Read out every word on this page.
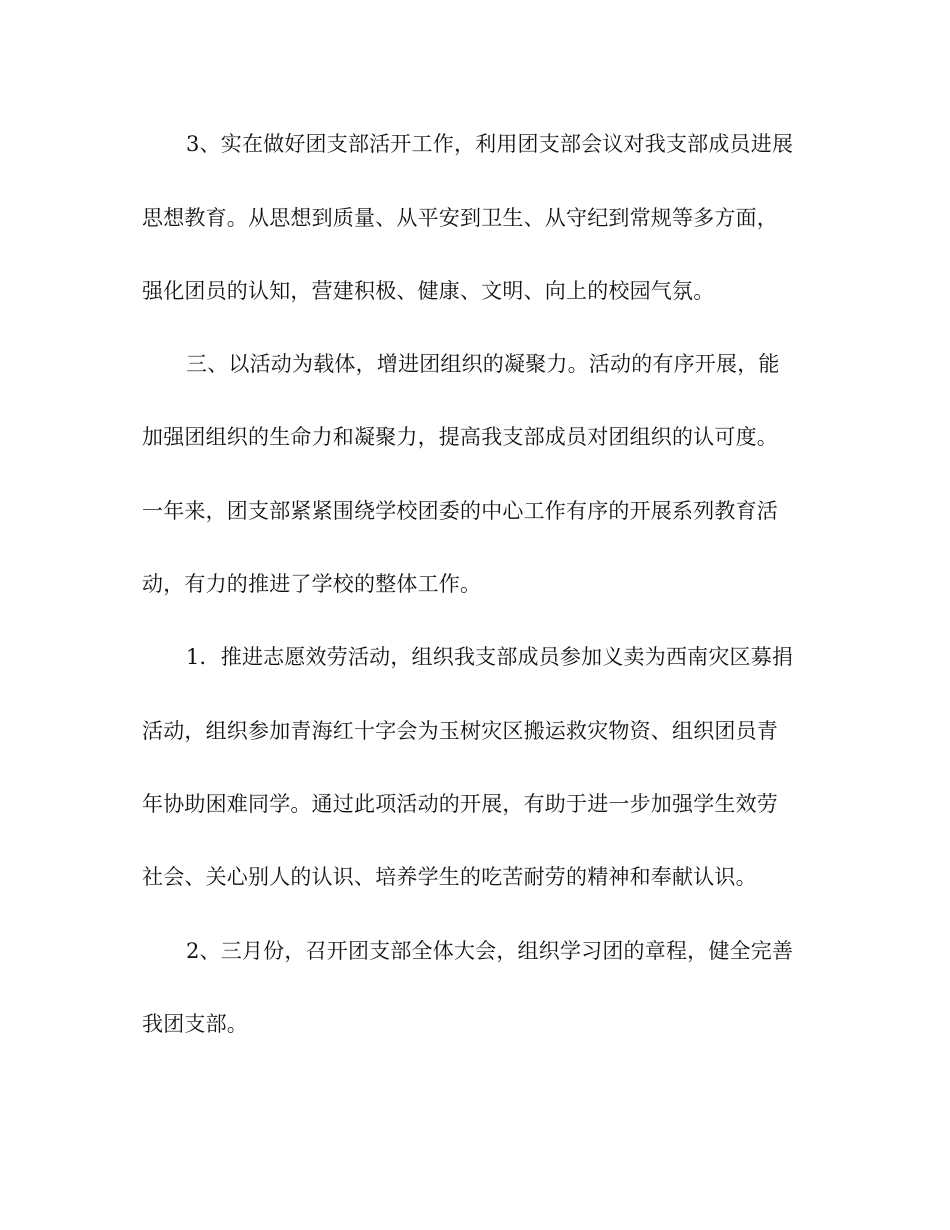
3、实在做好团支部活开工作，利用团支部会议对我支部成员进展
思想教育。从思想到质量、从平安到卫生、从守纪到常规等多方面，
强化团员的认知，营建积极、健康、文明、向上的校园气氛。
三、以活动为载体，增进团组织的凝聚力。活动的有序开展，能
加强团组织的生命力和凝聚力，提高我支部成员对团组织的认可度。
一年来，团支部紧紧围绕学校团委的中心工作有序的开展系列教育活
动，有力的推进了学校的整体工作。
1．推进志愿效劳活动，组织我支部成员参加义卖为西南灾区募捐
活动，组织参加青海红十字会为玉树灾区搬运救灾物资、组织团员青
年协助困难同学。通过此项活动的开展，有助于进一步加强学生效劳
社会、关心别人的认识、培养学生的吃苦耐劳的精神和奉献认识。
2、三月份，召开团支部全体大会，组织学习团的章程，健全完善
我团支部。
